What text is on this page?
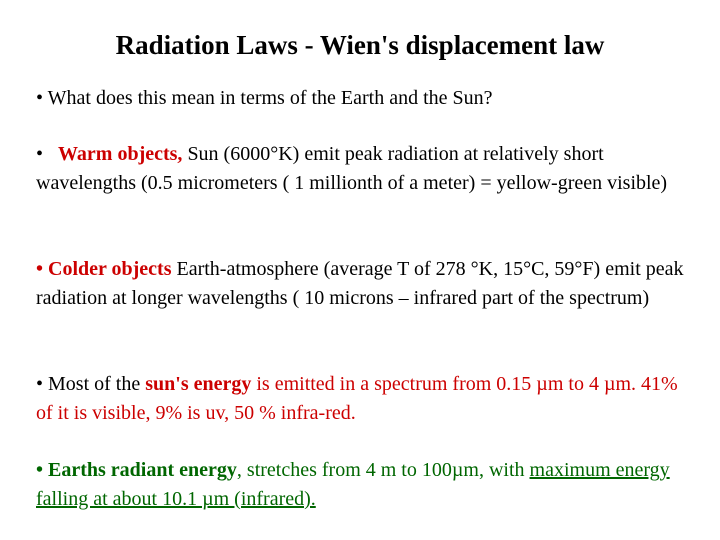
Radiation Laws - Wien's displacement law
• What does this mean in terms of the Earth and the Sun?
• Warm objects, Sun (6000°K) emit peak radiation at relatively short wavelengths (0.5 micrometers ( 1 millionth of a meter) = yellow-green visible)
• Colder objects Earth-atmosphere (average T of 278 °K, 15°C, 59°F) emit peak radiation at longer wavelengths ( 10 microns – infrared part of the spectrum)
• Most of the sun's energy is emitted in a spectrum from 0.15 µm to 4 µm. 41% of it is visible, 9% is uv, 50 % infra-red.
• Earths radiant energy, stretches from 4 m to 100µm, with maximum energy falling at about 10.1 µm (infrared).
